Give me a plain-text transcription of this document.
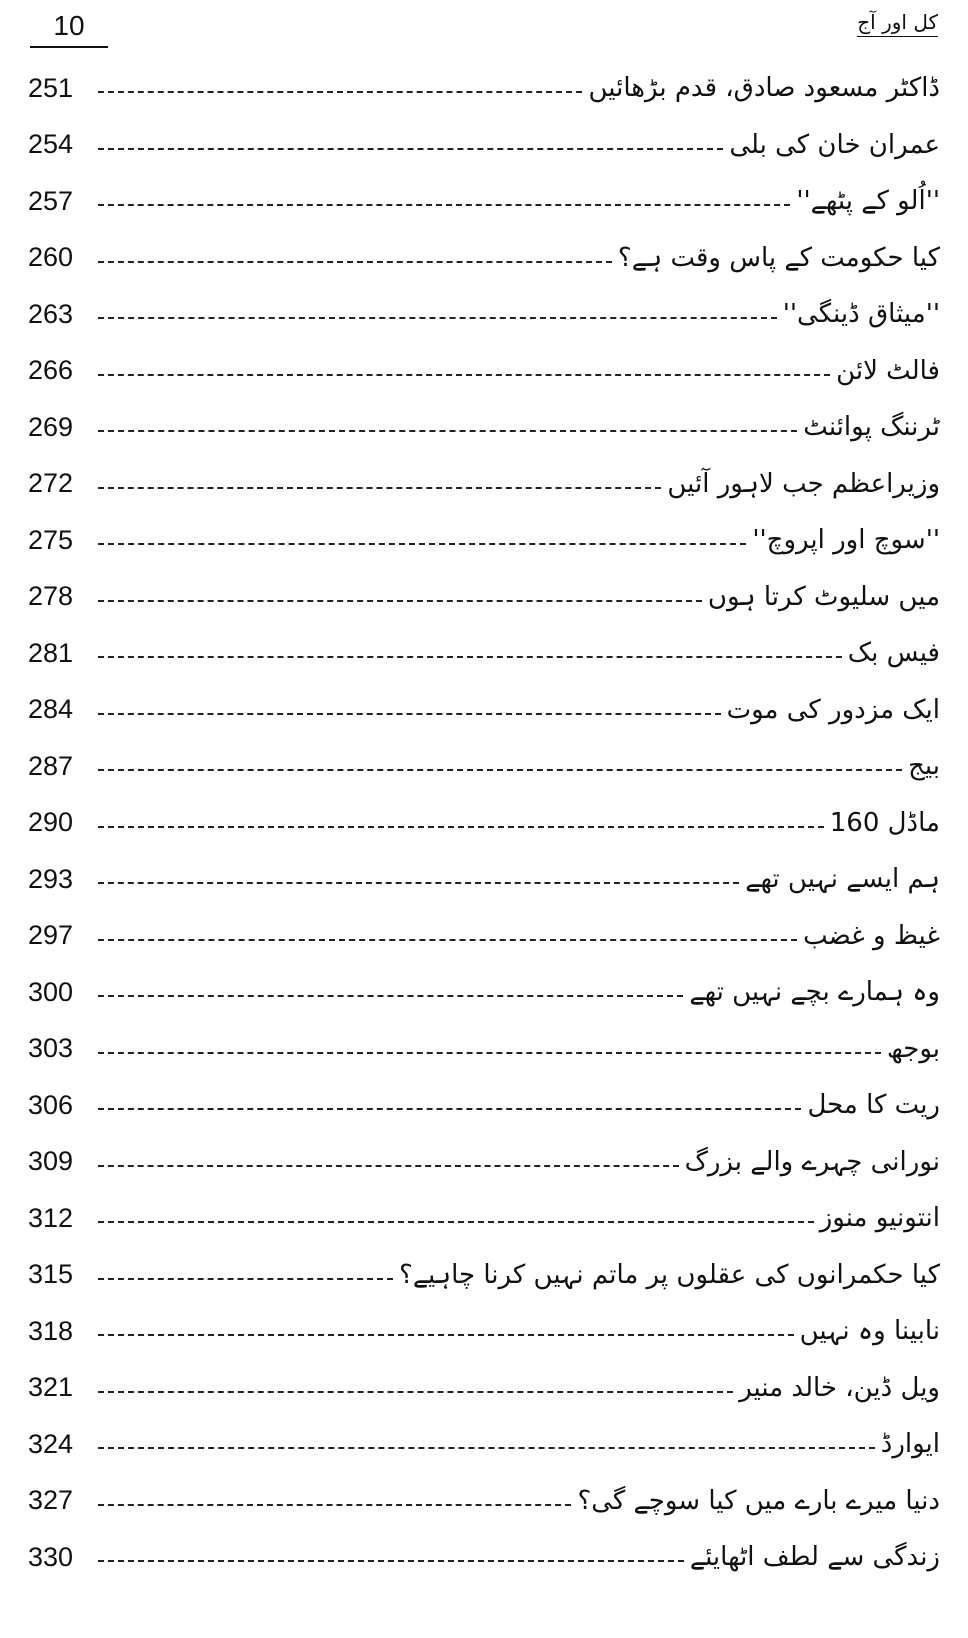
10	کل اور آج
251	ڈاکٹر مسعود صادق، قدم بڑھائیں
254	عمران خان کی بلی
257	''اُلو کے پٹھے''
260	کیا حکومت کے پاس وقت ہے؟
263	''میثاق ڈینگی''
266	فالٹ لائن
269	ٹرننگ پوائنٹ
272	وزیراعظم جب لاہور آئیں
275	''سوچ اور اپروچ''
278	میں سلیوٹ کرتا ہوں
281	فیس بک
284	ایک مزدور کی موت
287	بیج
290	ماڈل 160
293	ہم ایسے نہیں تھے
297	غیظ و غضب
300	وہ ہمارے بچے نہیں تھے
303	بوجھ
306	ریت کا محل
309	نورانی چہرے والے بزرگ
312	انتونیو منوز
315	کیا حکمرانوں کی عقلوں پر ماتم نہیں کرنا چاہیے؟
318	نابینا وہ نہیں
321	ویل ڈین، خالد منیر
324	ایوارڈ
327	دنیا میرے بارے میں کیا سوچے گی؟
330	زندگی سے لطف اٹھایئے
